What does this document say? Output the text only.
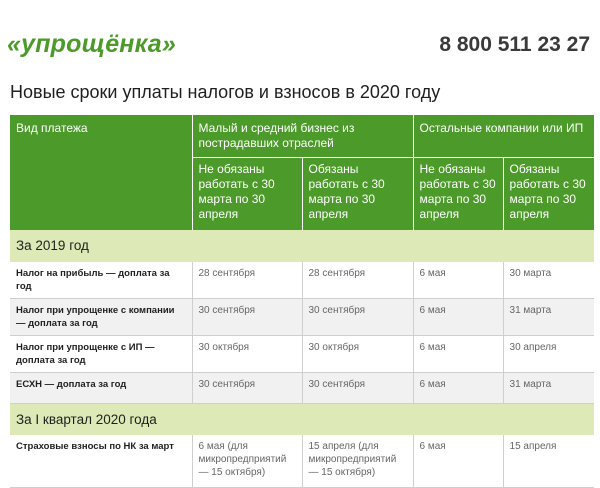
«упрощёнка»	8 800 511 23 27
Новые сроки уплаты налогов и взносов в 2020 году
Вид платежа	Малый и средний бизнес из пострадавших отраслей		Остальные компании или ИП	
	Не обязаны работать с 30 марта по 30 апреля	Обязаны работать с 30 марта по 30 апреля	Не обязаны работать с 30 марта по 30 апреля	Обязаны работать с 30 марта по 30 апреля
За 2019 год				
Налог на прибыль — доплата за год	28 сентября	28 сентября	6 мая	30 марта
Налог при упрощенке с компании — доплата за год	30 сентября	30 сентября	6 мая	31 марта
Налог при упрощенке с ИП — доплата за год	30 октября	30 октября	6 мая	30 апреля
ЕСХН — доплата за год	30 сентября	30 сентября	6 мая	31 марта
За I квартал 2020 года				
Страховые взносы по НК за март	6 мая (для микропредприятий — 15 октября)	15 апреля (для микропредприятий — 15 октября)	6 мая	15 апреля
